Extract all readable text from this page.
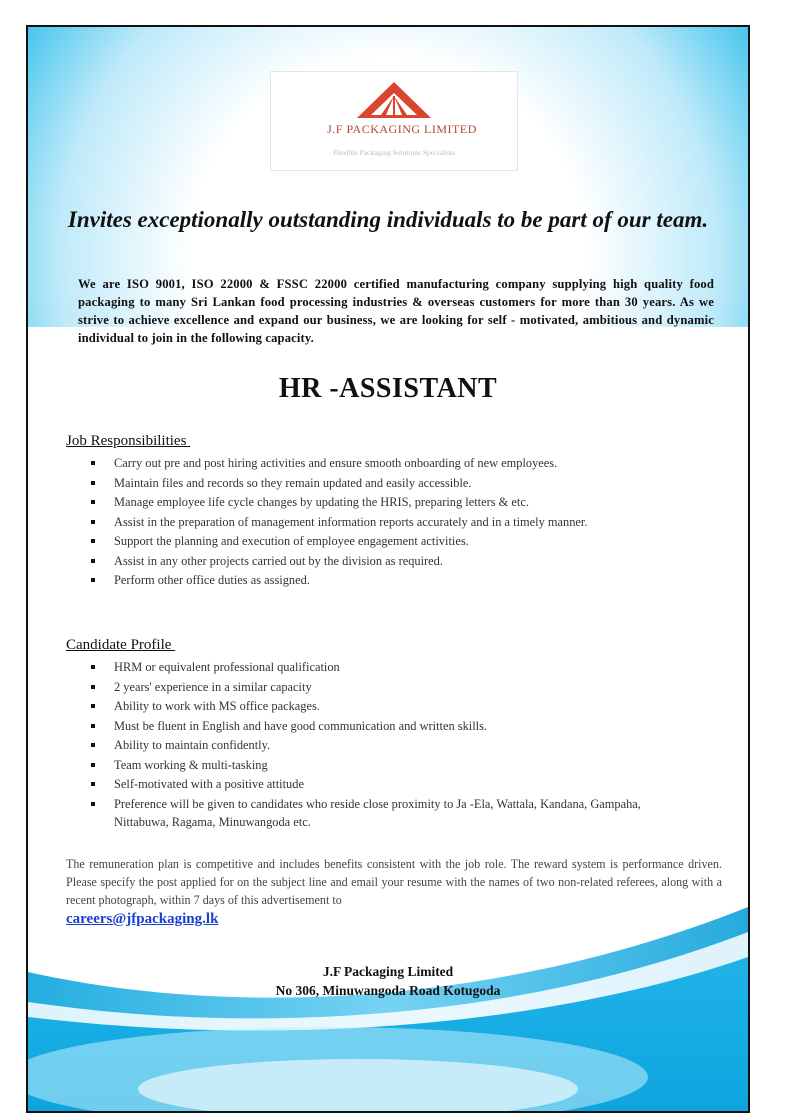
J.F PACKAGING LIMITED
Flexible Packaging Solutions Specialists
Invites exceptionally outstanding individuals to be part of our team.
We are ISO 9001, ISO 22000 & FSSC 22000 certified manufacturing company supplying high quality food packaging to many Sri Lankan food processing industries & overseas customers for more than 30 years. As we strive to achieve excellence and expand our business, we are looking for self - motivated, ambitious and dynamic individual to join in the following capacity.
HR -ASSISTANT
Job Responsibilities
Carry out pre and post hiring activities and ensure smooth onboarding of new employees.
Maintain files and records so they remain updated and easily accessible.
Manage employee life cycle changes by updating the HRIS, preparing letters & etc.
Assist in the preparation of management information reports accurately and in a timely manner.
Support the planning and execution of employee engagement activities.
Assist in any other projects carried out by the division as required.
Perform other office duties as assigned.
Candidate Profile
HRM or equivalent professional qualification
2 years' experience in a similar capacity
Ability to work with MS office packages.
Must be fluent in English and have good communication and written skills.
Ability to maintain confidently.
Team working & multi-tasking
Self-motivated with a positive attitude
Preference will be given to candidates who reside close proximity to Ja -Ela, Wattala, Kandana, Gampaha, Nittabuwa, Ragama, Minuwangoda etc.
The remuneration plan is competitive and includes benefits consistent with the job role. The reward system is performance driven. Please specify the post applied for on the subject line and email your resume with the names of two non-related referees, along with a recent photograph, within 7 days of this advertisement to
careers@jfpackaging.lk
J.F Packaging Limited
No 306, Minuwangoda Road Kotugoda
